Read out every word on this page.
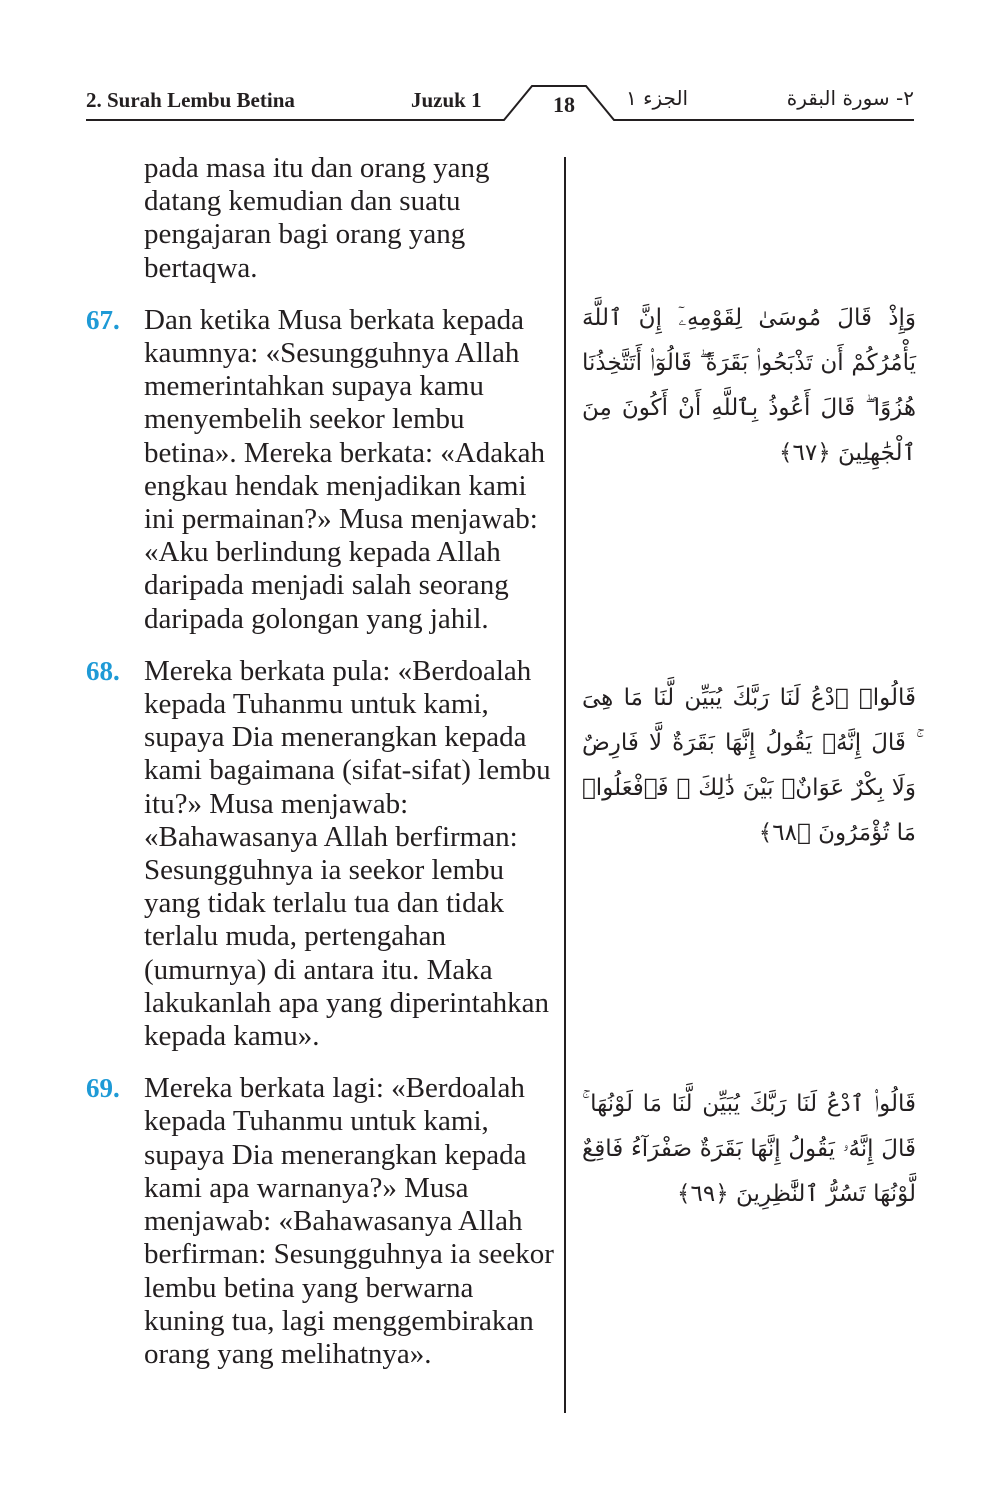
2. Surah Lembu Betina	Juzuk 1	18	الجزء ١	٢- سورة البقرة

pada masa itu dan orang yang datang kemudian dan suatu pengajaran bagi orang yang bertaqwa.

67. Dan ketika Musa berkata kepada kaumnya: «Sesungguhnya Allah memerintahkan supaya kamu menyembelih seekor lembu betina». Mereka berkata: «Adakah engkau hendak menjadikan kami ini permainan?» Musa menjawab: «Aku berlindung kepada Allah daripada menjadi salah seorang daripada golongan yang jahil.

68. Mereka berkata pula: «Berdoalah kepada Tuhanmu untuk kami, supaya Dia menerangkan kepada kami bagaimana (sifat-sifat) lembu itu?» Musa menjawab: «Bahawasanya Allah berfirman: Sesungguhnya ia seekor lembu yang tidak terlalu tua dan tidak terlalu muda, pertengahan (umurnya) di antara itu. Maka lakukanlah apa yang diperintahkan kepada kamu».

69. Mereka berkata lagi: «Berdoalah kepada Tuhanmu untuk kami, supaya Dia menerangkan kepada kami apa warnanya?» Musa menjawab: «Bahawasanya Allah berfirman: Sesungguhnya ia seekor lembu betina yang berwarna kuning tua, lagi menggembirakan orang yang melihatnya».

وَإِذْ قَالَ مُوسَىٰ لِقَوْمِهِۦٓ إِنَّ ٱللَّهَ يَأْمُرُكُمْ أَن تَذْبَحُوا۟ بَقَرَةً ۖ قَالُوٓا۟ أَتَتَّخِذُنَا هُزُوًا ۖ قَالَ أَعُوذُ بِٱللَّهِ أَنْ أَكُونَ مِنَ ٱلْجَٰهِلِينَ ﴿٦٧﴾
قَالُوا۟ ٱدْعُ لَنَا رَبَّكَ يُبَيِّن لَّنَا مَا هِىَ ۚ قَالَ إِنَّهُۥ يَقُولُ إِنَّهَا بَقَرَةٌ لَّا فَارِضٌ وَلَا بِكْرٌ عَوَانٌۢ بَيْنَ ذَٰلِكَ ۖ فَٱفْعَلُوا۟ مَا تُؤْمَرُونَ ﴿٦٨﴾
قَالُوا۟ ٱدْعُ لَنَا رَبَّكَ يُبَيِّن لَّنَا مَا لَوْنُهَا ۚ قَالَ إِنَّهُۥ يَقُولُ إِنَّهَا بَقَرَةٌ صَفْرَآءُ فَاقِعٌ لَّوْنُهَا تَسُرُّ ٱلنَّٰظِرِينَ ﴿٦٩﴾
